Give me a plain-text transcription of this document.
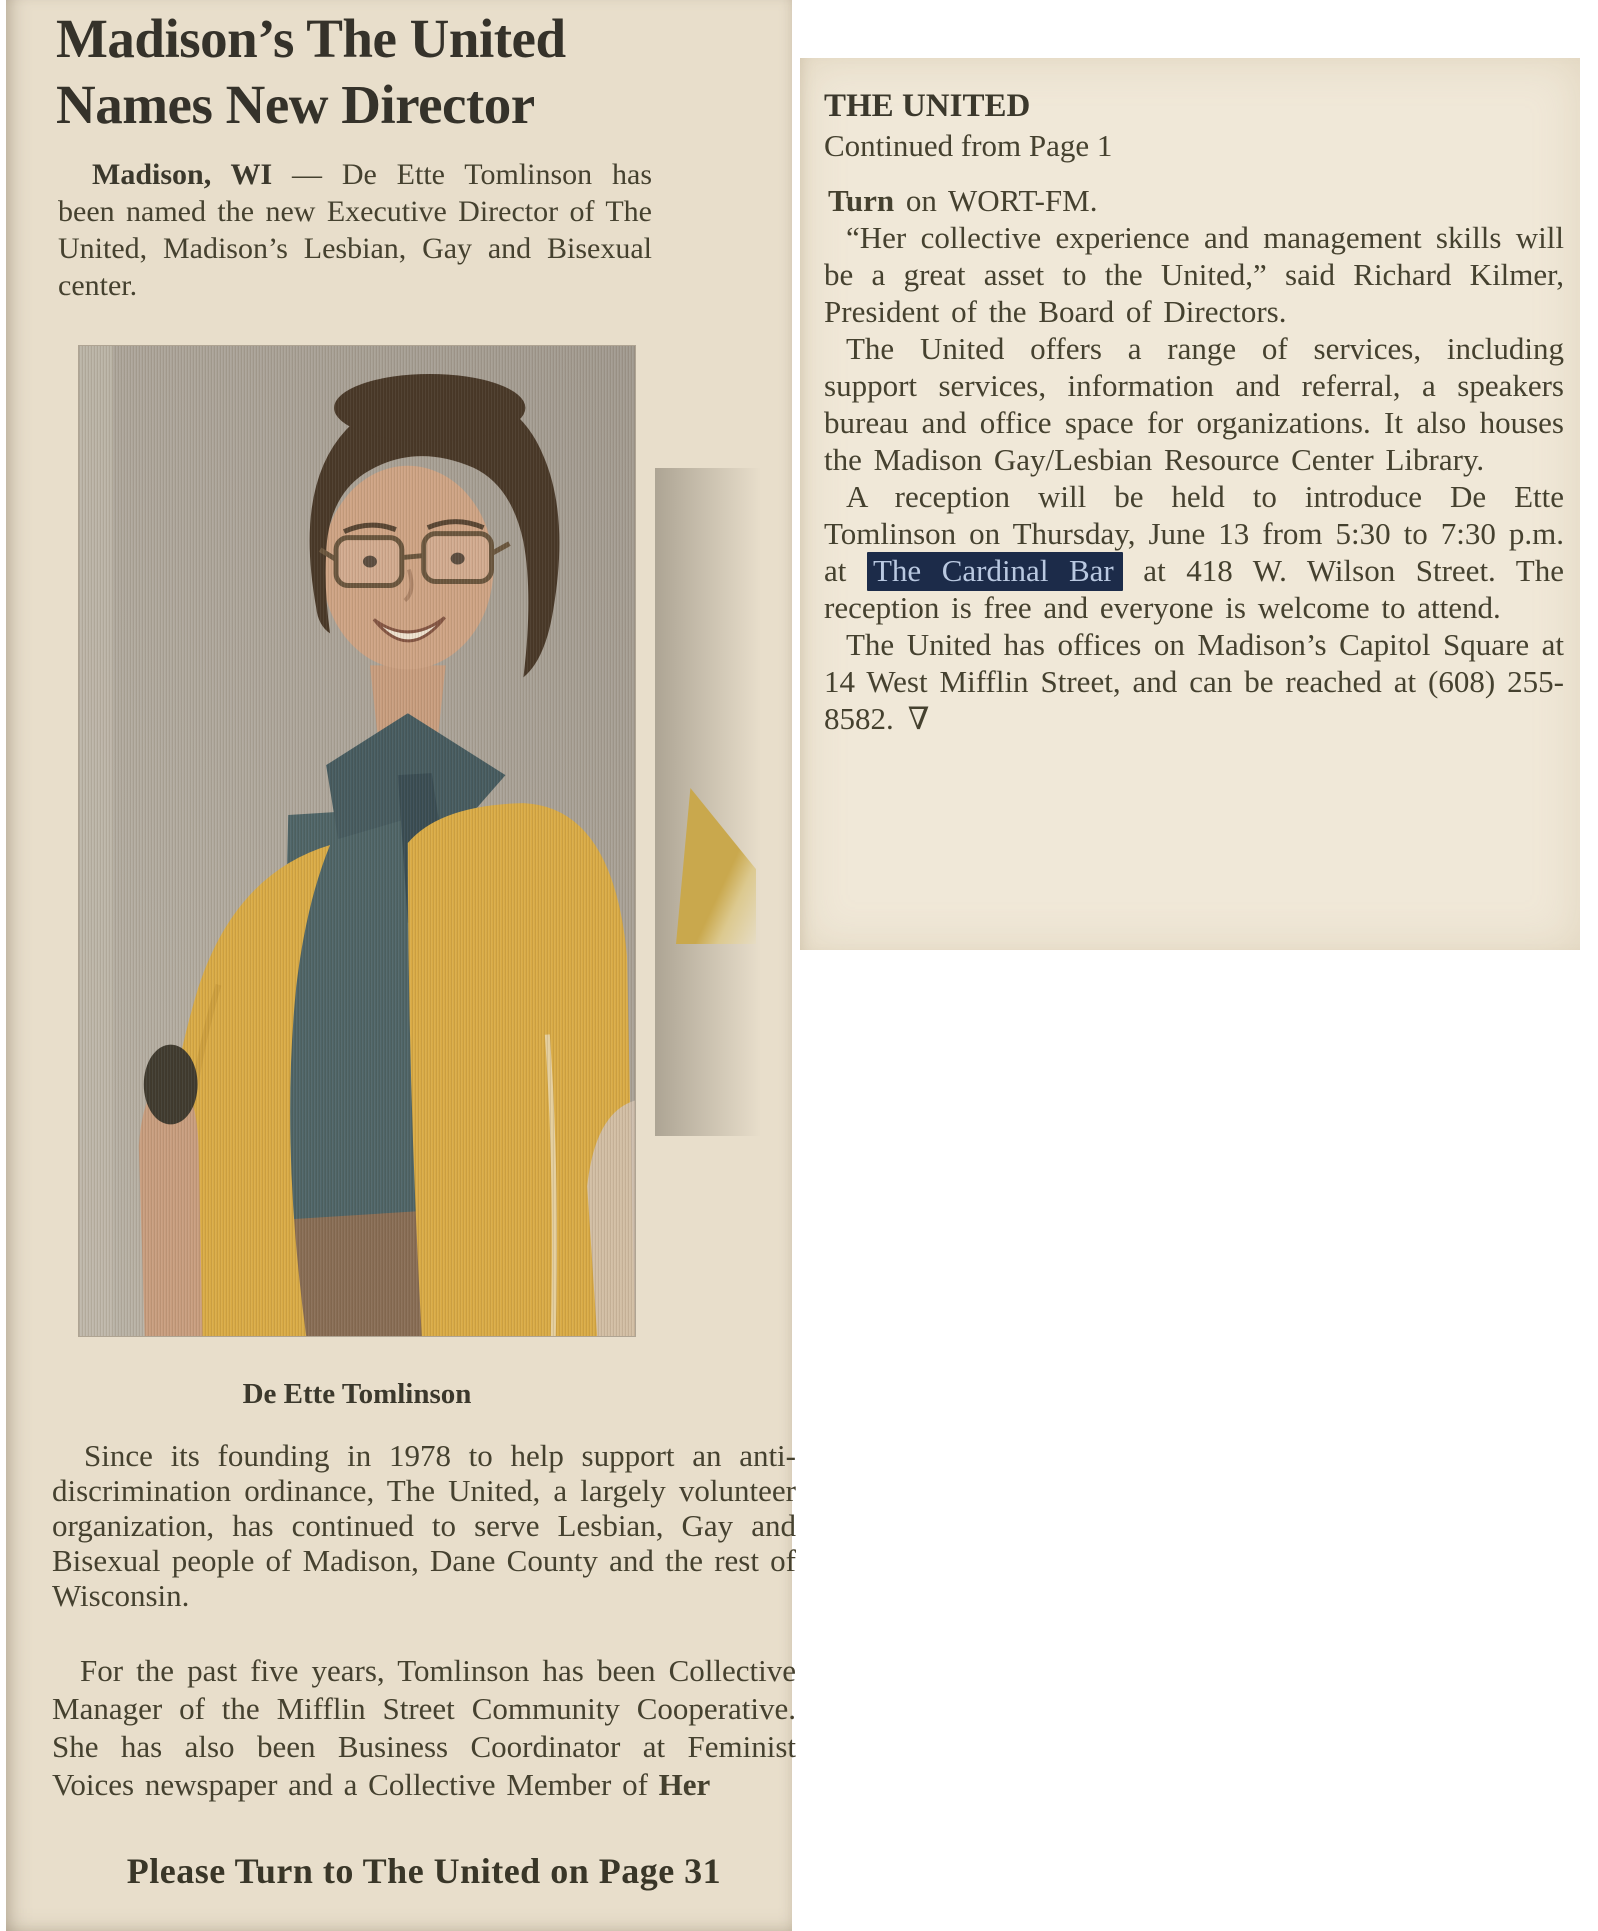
Madison’s The United
Names New Director

Madison, WI — De Ette Tomlinson has been named the new Executive Director of The United, Madison’s Lesbian, Gay and Bisexual center.

De Ette Tomlinson

Since its founding in 1978 to help support an anti-discrimination ordinance, The United, a largely volunteer organization, has continued to serve Lesbian, Gay and Bisexual people of Madison, Dane County and the rest of Wisconsin.

For the past five years, Tomlinson has been Collective Manager of the Mifflin Street Community Cooperative. She has also been Business Coordinator at Feminist Voices newspaper and a Collective Member of Her

Please Turn to The United on Page 31
THE UNITED
Continued from Page 1

Turn on WORT-FM.

“Her collective experience and management skills will be a great asset to the United,” said Richard Kilmer, President of the Board of Directors.

The United offers a range of services, including support services, information and referral, a speakers bureau and office space for organizations. It also houses the Madison Gay/Lesbian Resource Center Library.

A reception will be held to introduce De Ette Tomlinson on Thursday, June 13 from 5:30 to 7:30 p.m. at The Cardinal Bar at 418 W. Wilson Street. The reception is free and everyone is welcome to attend.

The United has offices on Madison’s Capitol Square at 14 West Mifflin Street, and can be reached at (608) 255-8582. ∇
